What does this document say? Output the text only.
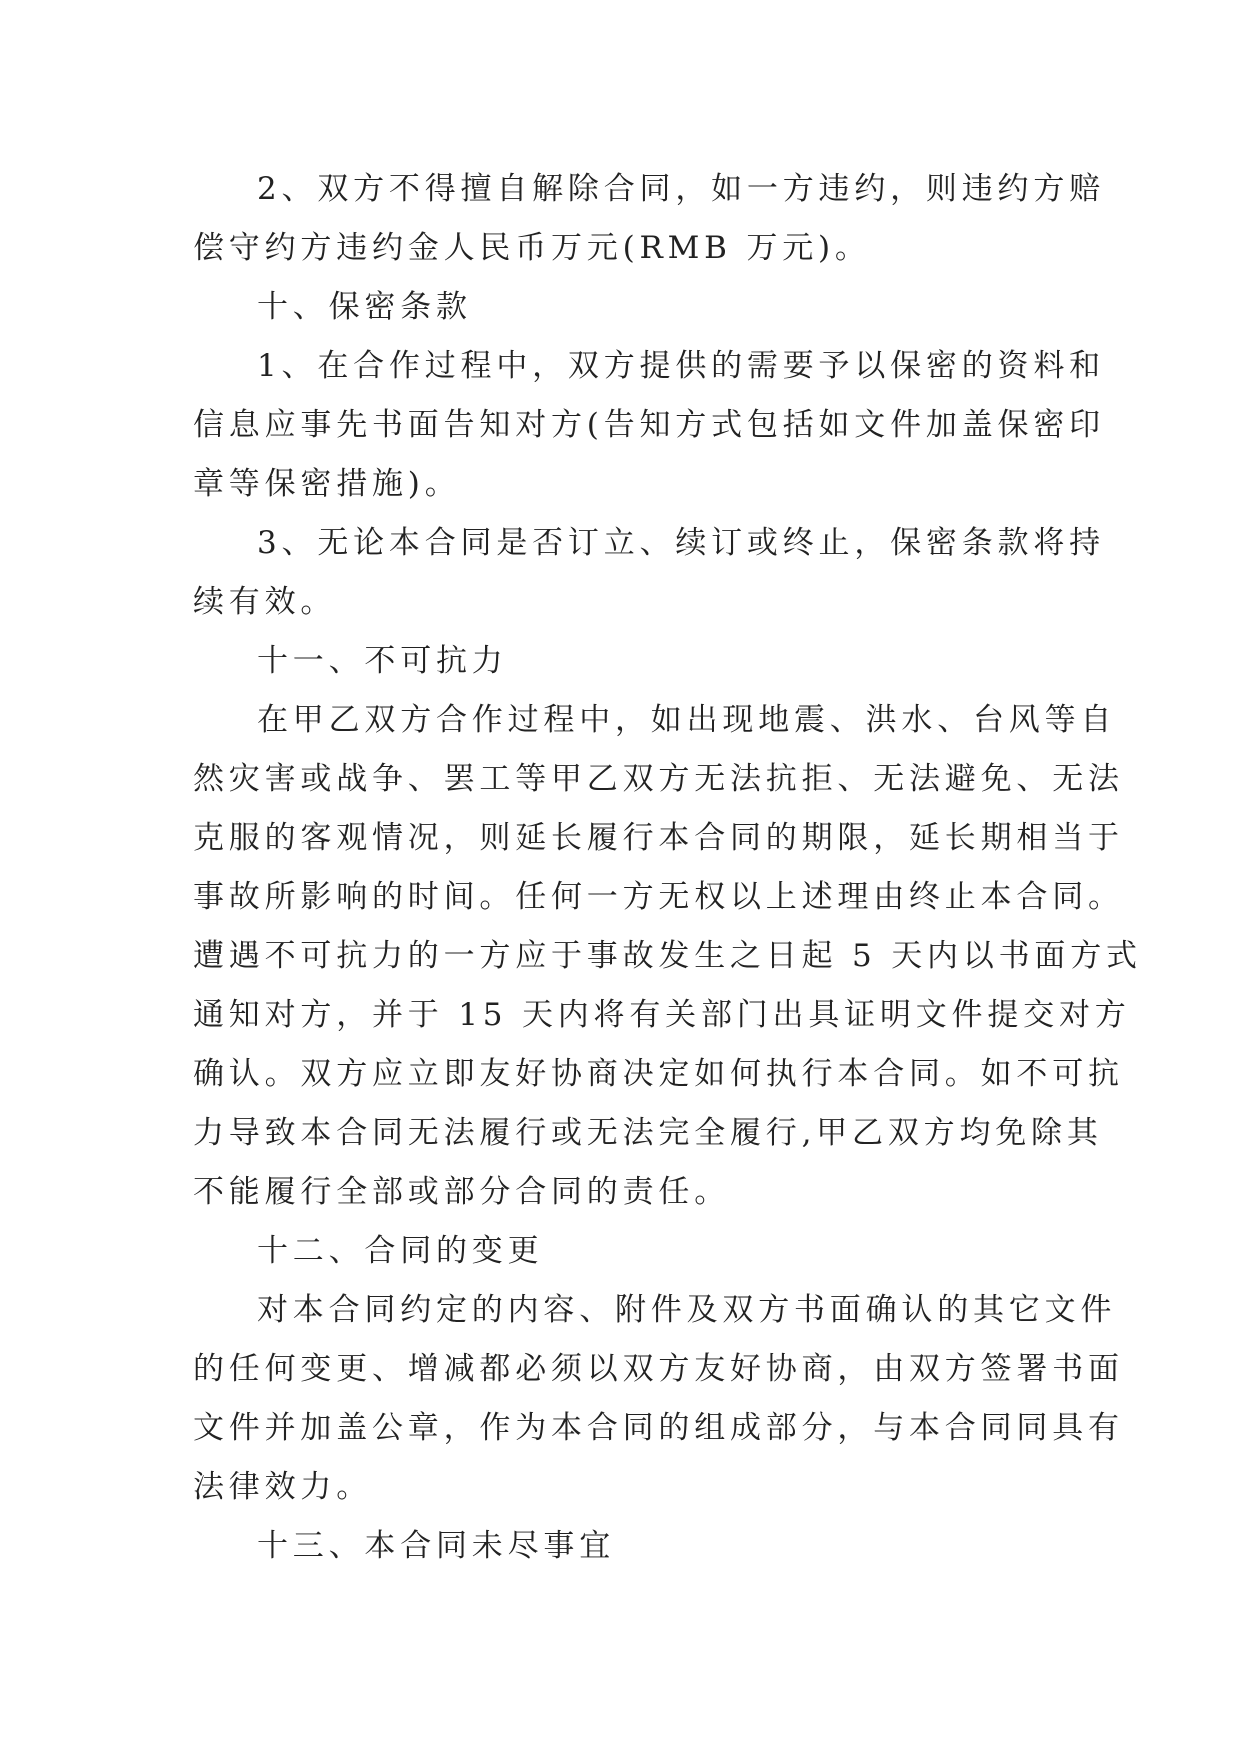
2、双方不得擅自解除合同，如一方违约，则违约方赔
偿守约方违约金人民币万元(RMB 万元)。

十、保密条款

1、在合作过程中，双方提供的需要予以保密的资料和
信息应事先书面告知对方(告知方式包括如文件加盖保密印
章等保密措施)。

3、无论本合同是否订立、续订或终止，保密条款将持
续有效。

十一、不可抗力

在甲乙双方合作过程中，如出现地震、洪水、台风等自
然灾害或战争、罢工等甲乙双方无法抗拒、无法避免、无法
克服的客观情况，则延长履行本合同的期限，延长期相当于
事故所影响的时间。任何一方无权以上述理由终止本合同。
遭遇不可抗力的一方应于事故发生之日起 5 天内以书面方式
通知对方，并于 15 天内将有关部门出具证明文件提交对方
确认。双方应立即友好协商决定如何执行本合同。如不可抗
力导致本合同无法履行或无法完全履行,甲乙双方均免除其
不能履行全部或部分合同的责任。

十二、合同的变更

对本合同约定的内容、附件及双方书面确认的其它文件
的任何变更、增减都必须以双方友好协商，由双方签署书面
文件并加盖公章，作为本合同的组成部分，与本合同同具有
法律效力。

十三、本合同未尽事宜
